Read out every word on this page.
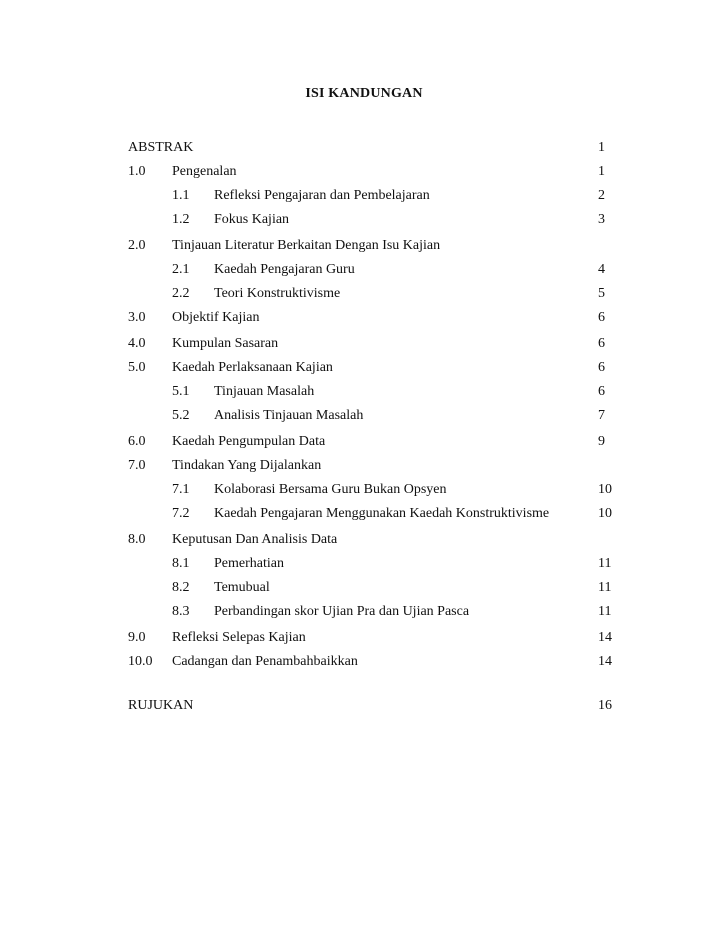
ISI KANDUNGAN
ABSTRAK	1
1.0 Pengenalan	1
1.1 Refleksi Pengajaran dan Pembelajaran	2
1.2 Fokus Kajian	3
2.0 Tinjauan Literatur Berkaitan Dengan Isu Kajian
2.1 Kaedah Pengajaran Guru	4
2.2 Teori Konstruktivisme	5
3.0 Objektif Kajian	6
4.0 Kumpulan Sasaran	6
5.0 Kaedah Perlaksanaan Kajian	6
5.1 Tinjauan Masalah	6
5.2 Analisis Tinjauan Masalah	7
6.0 Kaedah Pengumpulan Data	9
7.0 Tindakan Yang Dijalankan
7.1 Kolaborasi Bersama Guru Bukan Opsyen	10
7.2 Kaedah Pengajaran Menggunakan Kaedah Konstruktivisme	10
8.0 Keputusan Dan Analisis Data
8.1 Pemerhatian	11
8.2 Temubual	11
8.3 Perbandingan skor Ujian Pra dan Ujian Pasca	11
9.0 Refleksi Selepas Kajian	14
10.0 Cadangan dan Penambahbaikkan	14
RUJUKAN	16
